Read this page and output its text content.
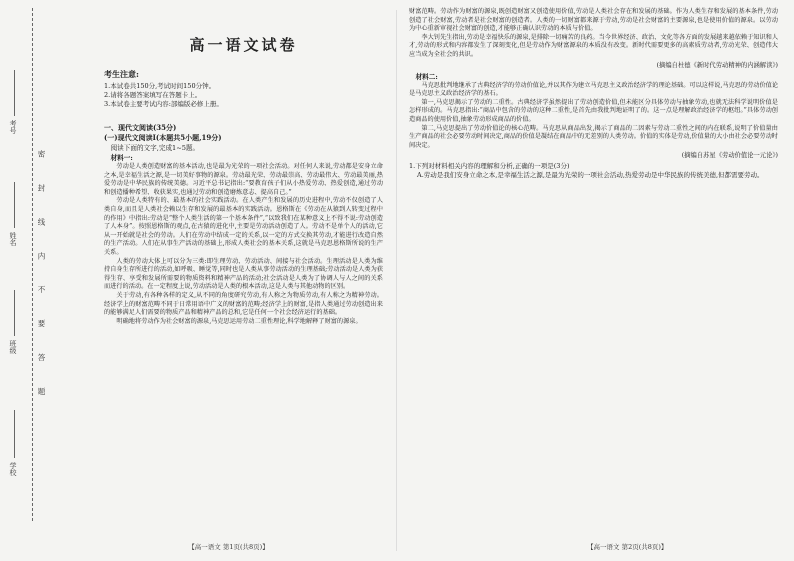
考号
姓名
班级
学校
密 封 线 内 不 要 答 题
高一语文试卷
考生注意:
1.本试卷共150分,考试时间150分钟。
2.请将各题答案填写在答题卡上。
3.本试卷主要考试内容:部编版必修上册。
一、现代文阅读(35分)
(一)现代文阅读Ⅰ(本题共5小题,19分)
阅读下面的文字,完成1~5题。
材料一:

劳动是人类创造财富的基本活动,也是最为光荣的一项社会活动。对任何人来说,劳动都是安身立命之本,是幸福生活之源,是一切美好事物的源泉。劳动最光荣、劳动最崇高、劳动最伟大、劳动最美丽,热爱劳动是中华民族的传统美德。习近平总书记指出:“要教育孩子们从小热爱劳动、热爱创造,通过劳动和创造播种希望、收获果实,也通过劳动和创造磨炼意志、提高自己。”

劳动是人类特有的、最基本的社会实践活动。在人类产生和发展的历史进程中,劳动不仅创造了人类自身,而且是人类社会赖以生存和发展的最基本的实践活动。恩格斯在《劳动在从猿到人转变过程中的作用》中指出:劳动是“整个人类生活的第一个基本条件”,“以致我们在某种意义上不得不说:劳动创造了人本身”。按照恩格斯的观点,在古猿的进化中,主要是劳动活动创造了人。劳动不是单个人的活动,它从一开始就是社会的劳动。人们在劳动中结成一定的关系,以一定的方式交换其劳动,才能进行改造自然的生产活动。人们在从事生产活动的基础上,形成人类社会的基本关系,这就是马克思恩格斯所说的生产关系。

人类的劳动大体上可以分为三类:即生理劳动、劳动活动、间接与社会活动。生理活动是人类为维持自身生存所进行的活动,如呼吸、睡觉等,同时也是人类从事劳动活动的生理基础;劳动活动是人类为获得生存、享受和发展所需要的物质资料和精神产品的活动;社会活动是人类为了协调人与人之间的关系而进行的活动。在一定程度上说,劳动活动是人类的根本活动,这是人类与其他动物的区别。

关于劳动,有各种各样的定义,从不同的角度研究劳动,有人称之为物质劳动,有人称之为精神劳动。经济学上的财富范畴不同于日常用语中广义的财富的范畴;经济学上的财富,是指人类通过劳动创造出来的能够满足人们需要的物质产品和精神产品的总和,它是任何一个社会经济运行的基础。

明确地将劳动作为社会财富的源泉,马克思运用劳动二重性理论,科学地解释了财富的源泉。

【高一语文 第1页(共8页)】

财富范畴。劳动作为财富的源泉,既创造财富又创造使用价值,劳动是人类社会存在和发展的基础。作为人类生存和发展的基本条件,劳动创造了社会财富,劳动者是社会财富的创造者。人类的一切财富都来源于劳动,劳动是社会财富的主要源泉,也是使用价值的源泉。以劳动为中心重新审视社会财富的创造,才能够正确认识劳动的本质与价值。

李大钊先生指出,劳动是幸福快乐的源泉,是排除一切痛苦的良药。当今世界经济、政治、文化等各方面的发展越来越依赖于知识和人才,劳动的形式和内容都发生了深刻变化,但是劳动作为财富源泉的本质没有改变。新时代需要更多的高素质劳动者,劳动光荣、创造伟大应当成为全社会的共识。

(摘编自杜德《新时代劳动精神的内涵解读》)
材料二:

马克思批判地继承了古典经济学的劳动价值论,并以其作为建立马克思主义政治经济学的理论基础。可以这样说,马克思的劳动价值论是马克思主义政治经济学的基石。

第一,马克思揭示了劳动的二重性。古典经济学虽然提出了劳动创造价值,但未能区分具体劳动与抽象劳动,也就无法科学说明价值是怎样形成的。马克思指出:“商品中包含的劳动的这种二重性,是首先由我批判地证明了的。这一点是理解政治经济学的枢纽。”具体劳动创造商品的使用价值,抽象劳动形成商品的价值。

第二,马克思提出了劳动价值论的核心范畴。马克思从商品出发,揭示了商品的二因素与劳动二重性之间的内在联系,说明了价值量由生产商品的社会必要劳动时间决定,商品的价值是凝结在商品中的无差别的人类劳动。价值的实体是劳动,价值量的大小由社会必要劳动时间决定。

(摘编自苏星《劳动价值论一元论》)

1.下列对材料相关内容的理解和分析,正确的一项是(3分)

A.劳动是我们安身立命之本,是幸福生活之源,是最为光荣的一项社会活动,热爱劳动是中华民族的传统美德,但都需要劳动。

【高一语文 第2页(共8页)】
